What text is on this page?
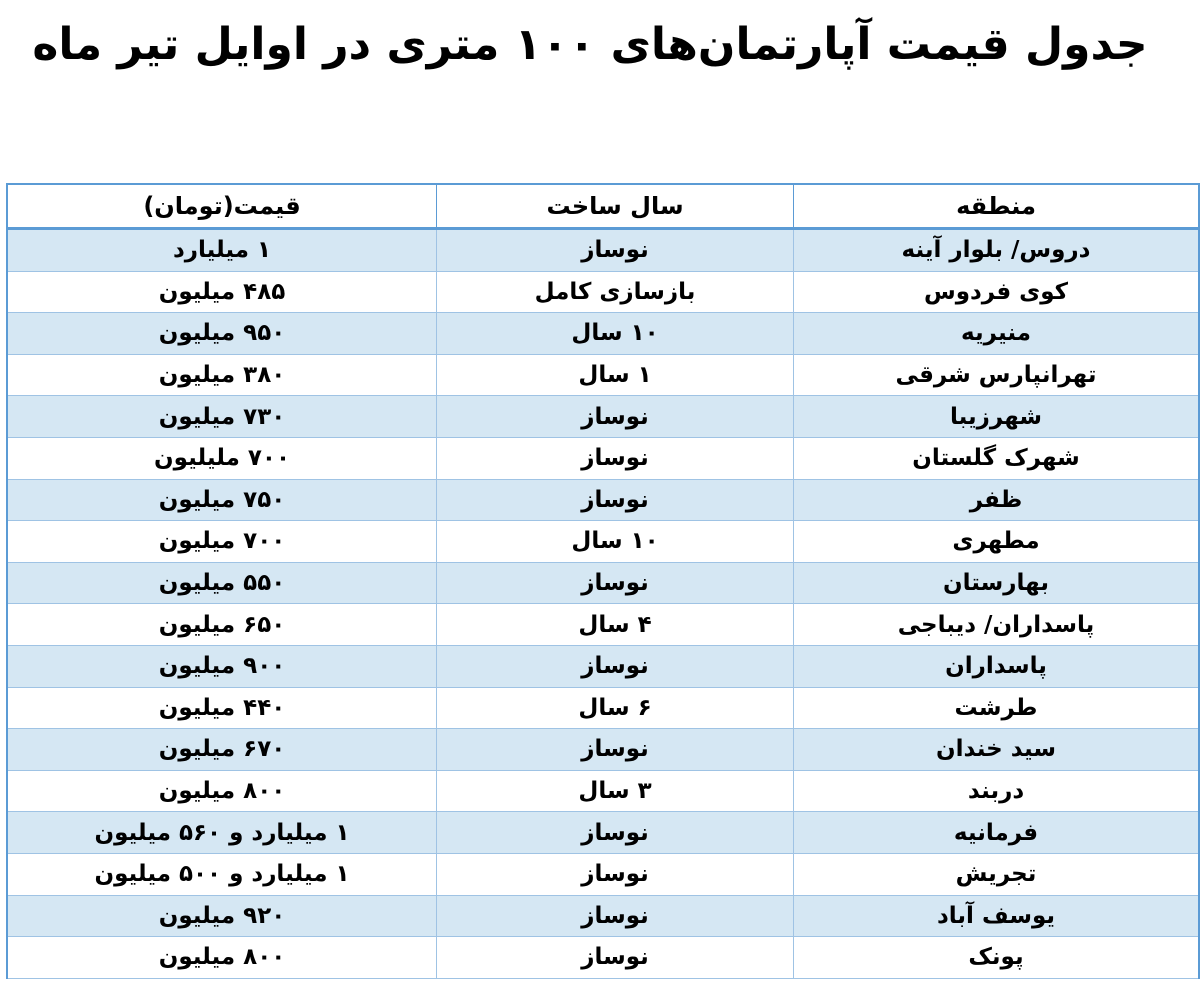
جدول قیمت آپارتمان‌های ۱۰۰ متری در اوایل تیر ماه
منطقه
سال ساخت
قیمت(تومان)
دروس/ بلوار آینه
نوساز
۱ میلیارد
کوی فردوس
بازسازی کامل
۴۸۵ میلیون
منیریه
۱۰ سال
۹۵۰ میلیون
تهرانپارس شرقی
۱ سال
۳۸۰ میلیون
شهرزیبا
نوساز
۷۳۰ میلیون
شهرک گلستان
نوساز
۷۰۰ ملیلیون
ظفر
نوساز
۷۵۰ میلیون
مطهری
۱۰ سال
۷۰۰ میلیون
بهارستان
نوساز
۵۵۰ میلیون
پاسداران/ دیباجی
۴ سال
۶۵۰ میلیون
پاسداران
نوساز
۹۰۰ میلیون
طرشت
۶ سال
۴۴۰ میلیون
سید خندان
نوساز
۶۷۰ میلیون
دربند
۳ سال
۸۰۰ میلیون
فرمانیه
نوساز
۱ میلیارد و ۵۶۰ میلیون
تجریش
نوساز
۱ میلیارد و ۵۰۰ میلیون
یوسف آباد
نوساز
۹۲۰ میلیون
پونک
نوساز
۸۰۰ میلیون
